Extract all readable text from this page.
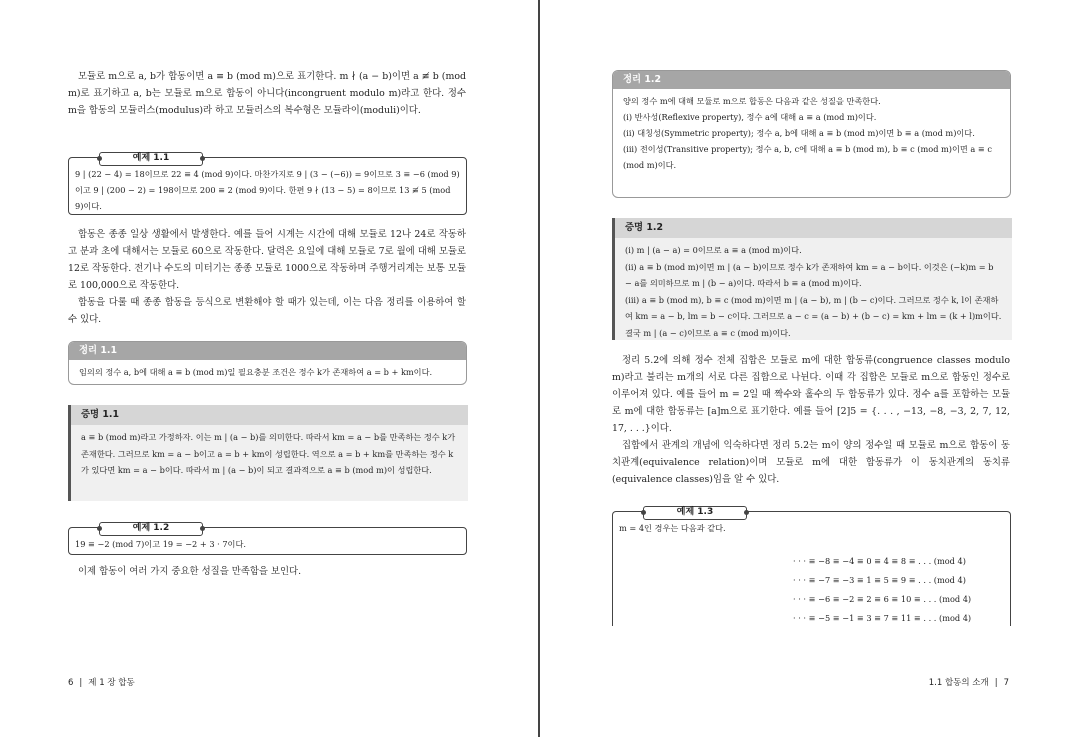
모듈로 m으로 a, b가 합동이면 a ≡ b (mod m)으로 표기한다. m ∤ (a − b)이면 a ≢ b (mod m)로 표기하고 a, b는 모듈로 m으로 합동이 아니다(incongruent modulo m)라고 한다. 정수 m을 합동의 모듈러스(modulus)라 하고 모듈러스의 복수형은 모듈라이(moduli)이다.

예제 1.1
9 | (22 − 4) = 18이므로 22 ≡ 4 (mod 9)이다. 마찬가지로 9 | (3 − (−6)) = 9이므로 3 ≡ −6 (mod 9)이고 9 | (200 − 2) = 198이므로 200 ≡ 2 (mod 9)이다. 한편 9 ∤ (13 − 5) = 8이므로 13 ≢ 5 (mod 9)이다.

합동은 종종 일상 생활에서 발생한다. 예를 들어 시계는 시간에 대해 모듈로 12나 24로 작동하고 분과 초에 대해서는 모듈로 60으로 작동한다. 달력은 요일에 대해 모듈로 7로 월에 대해 모듈로 12로 작동한다. 전기나 수도의 미터기는 종종 모듈로 1000으로 작동하며 주행거리계는 보통 모듈로 100,000으로 작동한다.

합동을 다룰 때 종종 합동을 등식으로 변환해야 할 때가 있는데, 이는 다음 정리를 이용하여 할 수 있다.

정리 1.1
임의의 정수 a, b에 대해 a ≡ b (mod m)일 필요충분 조건은 정수 k가 존재하여 a = b + km이다.
증명 1.1
a ≡ b (mod m)라고 가정하자. 이는 m | (a − b)를 의미한다. 따라서 km = a − b를 만족하는 정수 k가 존재한다. 그러므로 km = a − b이고 a = b + km이 성립한다. 역으로 a = b + km를 만족하는 정수 k가 있다면 km = a − b이다. 따라서 m | (a − b)이 되고 결과적으로 a ≡ b (mod m)이 성립한다.
예제 1.2
19 ≡ −2 (mod 7)이고 19 = −2 + 3 · 7이다.

이제 합동이 여러 가지 중요한 성질을 만족함을 보인다.

6 | 제 1 장 합동
정리 1.2
양의 정수 m에 대해 모듈로 m으로 합동은 다음과 같은 성질을 만족한다.
(i) 반사성(Reflexive property), 정수 a에 대해 a ≡ a (mod m)이다.
(ii) 대칭성(Symmetric property); 정수 a, b에 대해 a ≡ b (mod m)이면 b ≡ a (mod m)이다.
(iii) 전이성(Transitive property); 정수 a, b, c에 대해 a ≡ b (mod m), b ≡ c (mod m)이면 a ≡ c (mod m)이다.
증명 1.2
(i) m | (a − a) = 0이므로 a ≡ a (mod m)이다.
(ii) a ≡ b (mod m)이면 m | (a − b)이므로 정수 k가 존재하여 km = a − b이다. 이것은 (−k)m = b − a를 의미하므로 m | (b − a)이다. 따라서 b ≡ a (mod m)이다.
(iii) a ≡ b (mod m), b ≡ c (mod m)이면 m | (a − b), m | (b − c)이다. 그러므로 정수 k, l이 존재하여 km = a − b, lm = b − c이다. 그러므로 a − c = (a − b) + (b − c) = km + lm = (k + l)m이다. 결국 m | (a − c)이므로 a ≡ c (mod m)이다.

정리 5.2에 의해 정수 전체 집합은 모듈로 m에 대한 합동류(congruence classes modulo m)라고 불리는 m개의 서로 다른 집합으로 나뉜다. 이때 각 집합은 모듈로 m으로 합동인 정수로 이루어져 있다. 예를 들어 m = 2일 때 짝수와 홀수의 두 합동류가 있다. 정수 a를 포함하는 모듈로 m에 대한 합동류는 [a]m으로 표기한다. 예를 들어 [2]5 = {. . . , −13, −8, −3, 2, 7, 12, 17, . . .}이다.

집합에서 관계의 개념에 익숙하다면 정리 5.2는 m이 양의 정수일 때 모듈로 m으로 합동이 동치관계(equivalence relation)이며 모듈로 m에 대한 합동류가 이 동치관계의 동치류(equivalence classes)임을 알 수 있다.

예제 1.3
m = 4인 경우는 다음과 같다.
· · · ≡ −8 ≡ −4 ≡ 0 ≡ 4 ≡ 8 ≡ . . . (mod 4)
· · · ≡ −7 ≡ −3 ≡ 1 ≡ 5 ≡ 9 ≡ . . . (mod 4)
· · · ≡ −6 ≡ −2 ≡ 2 ≡ 6 ≡ 10 ≡ . . . (mod 4)
· · · ≡ −5 ≡ −1 ≡ 3 ≡ 7 ≡ 11 ≡ . . . (mod 4)
1.1 합동의 소개 | 7
